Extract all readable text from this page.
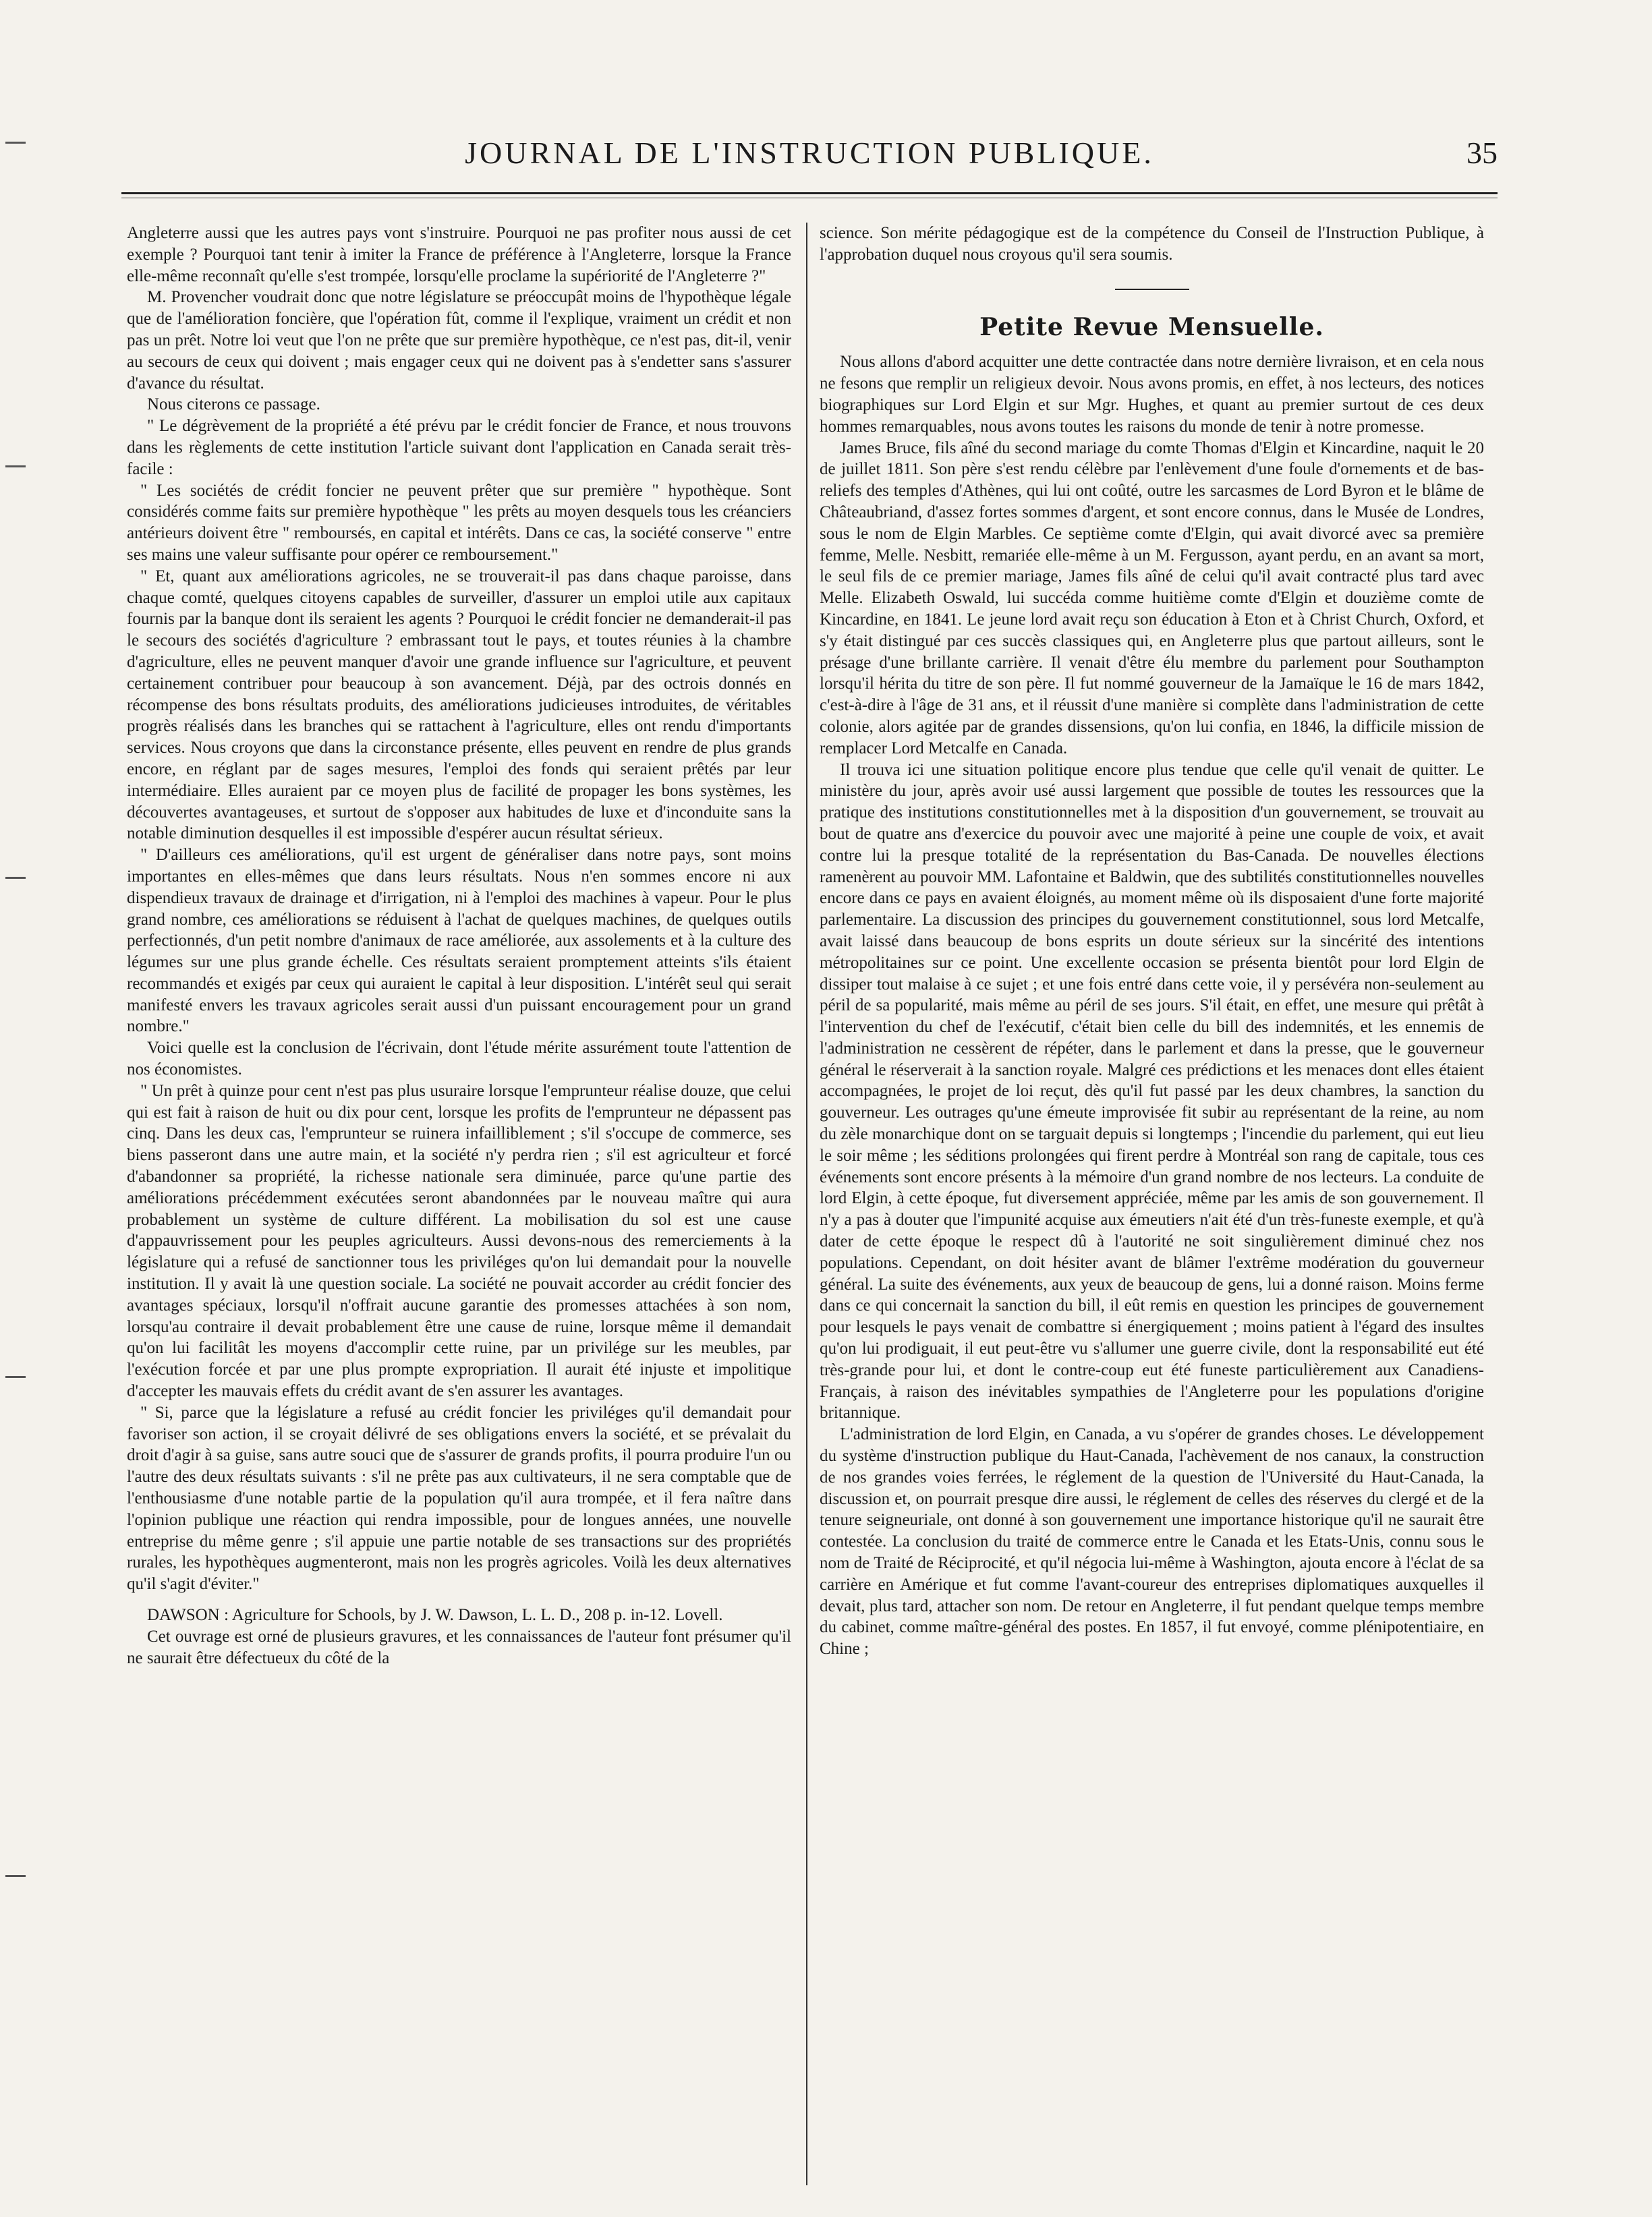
JOURNAL DE L'INSTRUCTION PUBLIQUE.	35

Angleterre aussi que les autres pays vont s'instruire. Pourquoi ne pas profiter nous aussi de cet exemple ? Pourquoi tant tenir à imiter la France de préférence à l'Angleterre, lorsque la France elle-même reconnaît qu'elle s'est trompée, lorsqu'elle proclame la supériorité de l'Angleterre ?"

M. Provencher voudrait donc que notre législature se préoccupât moins de l'hypothèque légale que de l'amélioration foncière, que l'opération fût, comme il l'explique, vraiment un crédit et non pas un prêt. Notre loi veut que l'on ne prête que sur première hypothèque, ce n'est pas, dit-il, venir au secours de ceux qui doivent ; mais engager ceux qui ne doivent pas à s'endetter sans s'assurer d'avance du résultat.

Nous citerons ce passage.

" Le dégrèvement de la propriété a été prévu par le crédit foncier de France, et nous trouvons dans les règlements de cette institution l'article suivant dont l'application en Canada serait très-facile :

" Les sociétés de crédit foncier ne peuvent prêter que sur première " hypothèque. Sont considérés comme faits sur première hypothèque " les prêts au moyen desquels tous les créanciers antérieurs doivent être " remboursés, en capital et intérêts. Dans ce cas, la société conserve " entre ses mains une valeur suffisante pour opérer ce remboursement."

" Et, quant aux améliorations agricoles, ne se trouverait-il pas dans chaque paroisse, dans chaque comté, quelques citoyens capables de surveiller, d'assurer un emploi utile aux capitaux fournis par la banque dont ils seraient les agents ? Pourquoi le crédit foncier ne demanderait-il pas le secours des sociétés d'agriculture ? embrassant tout le pays, et toutes réunies à la chambre d'agriculture, elles ne peuvent manquer d'avoir une grande influence sur l'agriculture, et peuvent certainement contribuer pour beaucoup à son avancement. Déjà, par des octrois donnés en récompense des bons résultats produits, des améliorations judicieuses introduites, de véritables progrès réalisés dans les branches qui se rattachent à l'agriculture, elles ont rendu d'importants services. Nous croyons que dans la circonstance présente, elles peuvent en rendre de plus grands encore, en réglant par de sages mesures, l'emploi des fonds qui seraient prêtés par leur intermédiaire. Elles auraient par ce moyen plus de facilité de propager les bons systèmes, les découvertes avantageuses, et surtout de s'opposer aux habitudes de luxe et d'inconduite sans la notable diminution desquelles il est impossible d'espérer aucun résultat sérieux.

" D'ailleurs ces améliorations, qu'il est urgent de généraliser dans notre pays, sont moins importantes en elles-mêmes que dans leurs résultats. Nous n'en sommes encore ni aux dispendieux travaux de drainage et d'irrigation, ni à l'emploi des machines à vapeur. Pour le plus grand nombre, ces améliorations se réduisent à l'achat de quelques machines, de quelques outils perfectionnés, d'un petit nombre d'animaux de race améliorée, aux assolements et à la culture des légumes sur une plus grande échelle. Ces résultats seraient promptement atteints s'ils étaient recommandés et exigés par ceux qui auraient le capital à leur disposition. L'intérêt seul qui serait manifesté envers les travaux agricoles serait aussi d'un puissant encouragement pour un grand nombre."

Voici quelle est la conclusion de l'écrivain, dont l'étude mérite assurément toute l'attention de nos économistes.

" Un prêt à quinze pour cent n'est pas plus usuraire lorsque l'emprunteur réalise douze, que celui qui est fait à raison de huit ou dix pour cent, lorsque les profits de l'emprunteur ne dépassent pas cinq. Dans les deux cas, l'emprunteur se ruinera infailliblement ; s'il s'occupe de commerce, ses biens passeront dans une autre main, et la société n'y perdra rien ; s'il est agriculteur et forcé d'abandonner sa propriété, la richesse nationale sera diminuée, parce qu'une partie des améliorations précédemment exécutées seront abandonnées par le nouveau maître qui aura probablement un système de culture différent. La mobilisation du sol est une cause d'appauvrissement pour les peuples agriculteurs. Aussi devons-nous des remerciements à la législature qui a refusé de sanctionner tous les priviléges qu'on lui demandait pour la nouvelle institution. Il y avait là une question sociale. La société ne pouvait accorder au crédit foncier des avantages spéciaux, lorsqu'il n'offrait aucune garantie des promesses attachées à son nom, lorsqu'au contraire il devait probablement être une cause de ruine, lorsque même il demandait qu'on lui facilitât les moyens d'accomplir cette ruine, par un privilége sur les meubles, par l'exécution forcée et par une plus prompte expropriation. Il aurait été injuste et impolitique d'accepter les mauvais effets du crédit avant de s'en assurer les avantages.

" Si, parce que la législature a refusé au crédit foncier les priviléges qu'il demandait pour favoriser son action, il se croyait délivré de ses obligations envers la société, et se prévalait du droit d'agir à sa guise, sans autre souci que de s'assurer de grands profits, il pourra produire l'un ou l'autre des deux résultats suivants : s'il ne prête pas aux cultivateurs, il ne sera comptable que de l'enthousiasme d'une notable partie de la population qu'il aura trompée, et il fera naître dans l'opinion publique une réaction qui rendra impossible, pour de longues années, une nouvelle entreprise du même genre ; s'il appuie une partie notable de ses transactions sur des propriétés rurales, les hypothèques augmenteront, mais non les progrès agricoles. Voilà les deux alternatives qu'il s'agit d'éviter."

DAWSON : Agriculture for Schools, by J. W. Dawson, L. L. D., 208 p. in-12. Lovell.

Cet ouvrage est orné de plusieurs gravures, et les connaissances de l'auteur font présumer qu'il ne saurait être défectueux du côté de la

science. Son mérite pédagogique est de la compétence du Conseil de l'Instruction Publique, à l'approbation duquel nous croyous qu'il sera soumis.

Petite Revue Mensuelle.

Nous allons d'abord acquitter une dette contractée dans notre dernière livraison, et en cela nous ne fesons que remplir un religieux devoir. Nous avons promis, en effet, à nos lecteurs, des notices biographiques sur Lord Elgin et sur Mgr. Hughes, et quant au premier surtout de ces deux hommes remarquables, nous avons toutes les raisons du monde de tenir à notre promesse.

James Bruce, fils aîné du second mariage du comte Thomas d'Elgin et Kincardine, naquit le 20 de juillet 1811. Son père s'est rendu célèbre par l'enlèvement d'une foule d'ornements et de bas-reliefs des temples d'Athènes, qui lui ont coûté, outre les sarcasmes de Lord Byron et le blâme de Châteaubriand, d'assez fortes sommes d'argent, et sont encore connus, dans le Musée de Londres, sous le nom de Elgin Marbles. Ce septième comte d'Elgin, qui avait divorcé avec sa première femme, Melle. Nesbitt, remariée elle-même à un M. Fergusson, ayant perdu, en an avant sa mort, le seul fils de ce premier mariage, James fils aîné de celui qu'il avait contracté plus tard avec Melle. Elizabeth Oswald, lui succéda comme huitième comte d'Elgin et douzième comte de Kincardine, en 1841. Le jeune lord avait reçu son éducation à Eton et à Christ Church, Oxford, et s'y était distingué par ces succès classiques qui, en Angleterre plus que partout ailleurs, sont le présage d'une brillante carrière. Il venait d'être élu membre du parlement pour Southampton lorsqu'il hérita du titre de son père. Il fut nommé gouverneur de la Jamaïque le 16 de mars 1842, c'est-à-dire à l'âge de 31 ans, et il réussit d'une manière si complète dans l'administration de cette colonie, alors agitée par de grandes dissensions, qu'on lui confia, en 1846, la difficile mission de remplacer Lord Metcalfe en Canada.

Il trouva ici une situation politique encore plus tendue que celle qu'il venait de quitter. Le ministère du jour, après avoir usé aussi largement que possible de toutes les ressources que la pratique des institutions constitutionnelles met à la disposition d'un gouvernement, se trouvait au bout de quatre ans d'exercice du pouvoir avec une majorité à peine une couple de voix, et avait contre lui la presque totalité de la représentation du Bas-Canada. De nouvelles élections ramenèrent au pouvoir MM. Lafontaine et Baldwin, que des subtilités constitutionnelles nouvelles encore dans ce pays en avaient éloignés, au moment même où ils disposaient d'une forte majorité parlementaire. La discussion des principes du gouvernement constitutionnel, sous lord Metcalfe, avait laissé dans beaucoup de bons esprits un doute sérieux sur la sincérité des intentions métropolitaines sur ce point. Une excellente occasion se présenta bientôt pour lord Elgin de dissiper tout malaise à ce sujet ; et une fois entré dans cette voie, il y persévéra non-seulement au péril de sa popularité, mais même au péril de ses jours. S'il était, en effet, une mesure qui prêtât à l'intervention du chef de l'exécutif, c'était bien celle du bill des indemnités, et les ennemis de l'administration ne cessèrent de répéter, dans le parlement et dans la presse, que le gouverneur général le réserverait à la sanction royale. Malgré ces prédictions et les menaces dont elles étaient accompagnées, le projet de loi reçut, dès qu'il fut passé par les deux chambres, la sanction du gouverneur. Les outrages qu'une émeute improvisée fit subir au représentant de la reine, au nom du zèle monarchique dont on se targuait depuis si longtemps ; l'incendie du parlement, qui eut lieu le soir même ; les séditions prolongées qui firent perdre à Montréal son rang de capitale, tous ces événements sont encore présents à la mémoire d'un grand nombre de nos lecteurs. La conduite de lord Elgin, à cette époque, fut diversement appréciée, même par les amis de son gouvernement. Il n'y a pas à douter que l'impunité acquise aux émeutiers n'ait été d'un très-funeste exemple, et qu'à dater de cette époque le respect dû à l'autorité ne soit singulièrement diminué chez nos populations. Cependant, on doit hésiter avant de blâmer l'extrême modération du gouverneur général. La suite des événements, aux yeux de beaucoup de gens, lui a donné raison. Moins ferme dans ce qui concernait la sanction du bill, il eût remis en question les principes de gouvernement pour lesquels le pays venait de combattre si énergiquement ; moins patient à l'égard des insultes qu'on lui prodiguait, il eut peut-être vu s'allumer une guerre civile, dont la responsabilité eut été très-grande pour lui, et dont le contre-coup eut été funeste particulièrement aux Canadiens-Français, à raison des inévitables sympathies de l'Angleterre pour les populations d'origine britannique.

L'administration de lord Elgin, en Canada, a vu s'opérer de grandes choses. Le développement du système d'instruction publique du Haut-Canada, l'achèvement de nos canaux, la construction de nos grandes voies ferrées, le réglement de la question de l'Université du Haut-Canada, la discussion et, on pourrait presque dire aussi, le réglement de celles des réserves du clergé et de la tenure seigneuriale, ont donné à son gouvernement une importance historique qu'il ne saurait être contestée. La conclusion du traité de commerce entre le Canada et les Etats-Unis, connu sous le nom de Traité de Réciprocité, et qu'il négocia lui-même à Washington, ajouta encore à l'éclat de sa carrière en Amérique et fut comme l'avant-coureur des entreprises diplomatiques auxquelles il devait, plus tard, attacher son nom. De retour en Angleterre, il fut pendant quelque temps membre du cabinet, comme maître-général des postes. En 1857, il fut envoyé, comme plénipotentiaire, en Chine ;
